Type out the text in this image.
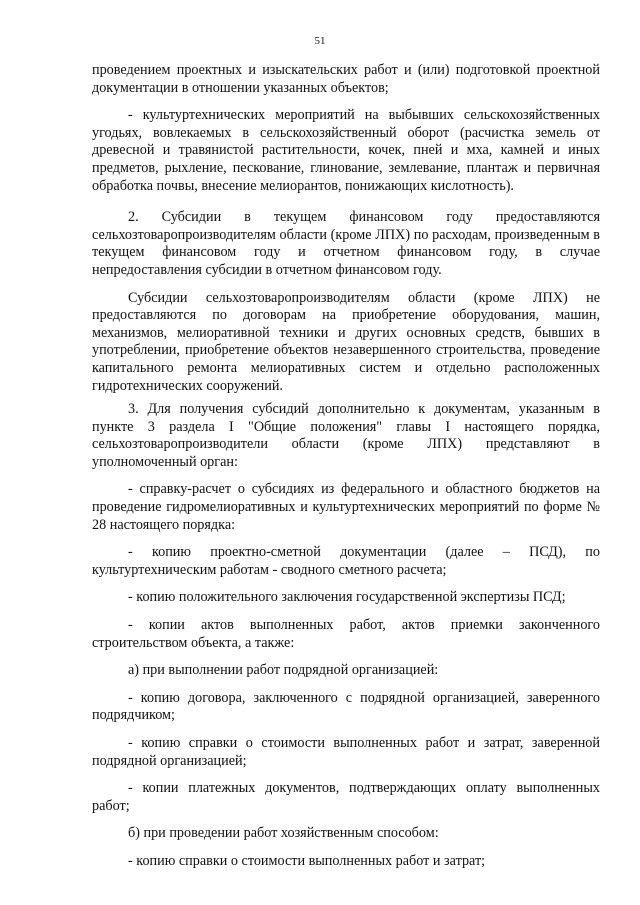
51

проведением проектных и изыскательских работ и (или) подготовкой проектной документации в отношении указанных объектов;

- культуртехнических мероприятий на выбывших сельскохозяйственных угодьях, вовлекаемых в сельскохозяйственный оборот (расчистка земель от древесной и травянистой растительности, кочек, пней и мха, камней и иных предметов, рыхление, пескование, глинование, землевание, плантаж и первичная обработка почвы, внесение мелиорантов, понижающих кислотность).

2. Субсидии в текущем финансовом году предоставляются сельхозтоваропроизводителям области (кроме ЛПХ) по расходам, произведенным в текущем финансовом году и отчетном финансовом году, в случае непредоставления субсидии в отчетном финансовом году.

Субсидии сельхозтоваропроизводителям области (кроме ЛПХ) не предоставляются по договорам на приобретение оборудования, машин, механизмов, мелиоративной техники и других основных средств, бывших в употреблении, приобретение объектов незавершенного строительства, проведение капитального ремонта мелиоративных систем и отдельно расположенных гидротехнических сооружений.

3. Для получения субсидий дополнительно к документам, указанным в пункте 3 раздела I "Общие положения" главы I настоящего порядка, сельхозтоваропроизводители области (кроме ЛПХ) представляют в уполномоченный орган:

- справку-расчет о субсидиях из федерального и областного бюджетов на проведение гидромелиоративных и культуртехнических мероприятий по форме № 28 настоящего порядка:

- копию проектно-сметной документации (далее – ПСД), по культуртехническим работам - сводного сметного расчета;

- копию положительного заключения государственной экспертизы ПСД;

- копии актов выполненных работ, актов приемки законченного строительством объекта, а также:

а) при выполнении работ подрядной организацией:

- копию договора, заключенного с подрядной организацией, заверенного подрядчиком;

- копию справки о стоимости выполненных работ и затрат, заверенной подрядной организацией;

- копии платежных документов, подтверждающих оплату выполненных работ;

б) при проведении работ хозяйственным способом:

- копию справки о стоимости выполненных работ и затрат;
